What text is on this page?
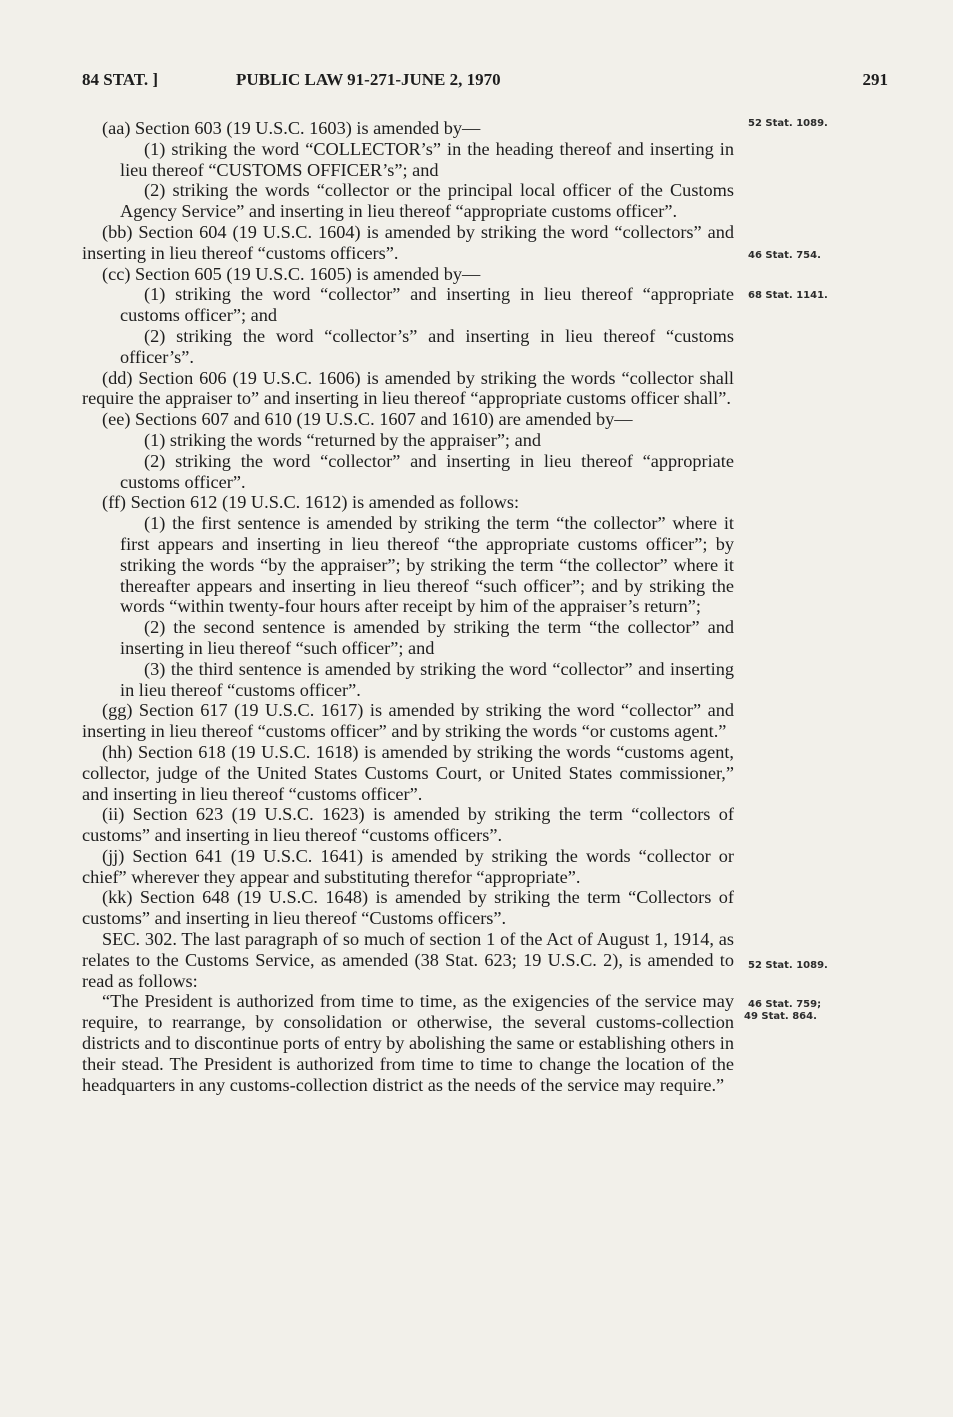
84 STAT. ]	PUBLIC LAW 91-271-JUNE 2, 1970	291

(aa) Section 603 (19 U.S.C. 1603) is amended by—

(1) striking the word “COLLECTOR’s” in the heading thereof and inserting in lieu thereof “CUSTOMS OFFICER’s”; and

(2) striking the words “collector or the principal local officer of the Customs Agency Service” and inserting in lieu thereof “appropriate customs officer”.

(bb) Section 604 (19 U.S.C. 1604) is amended by striking the word “collectors” and inserting in lieu thereof “customs officers”.

(cc) Section 605 (19 U.S.C. 1605) is amended by—

(1) striking the word “collector” and inserting in lieu thereof “appropriate customs officer”; and

(2) striking the word “collector’s” and inserting in lieu thereof “customs officer’s”.

(dd) Section 606 (19 U.S.C. 1606) is amended by striking the words “collector shall require the appraiser to” and inserting in lieu thereof “appropriate customs officer shall”.

(ee) Sections 607 and 610 (19 U.S.C. 1607 and 1610) are amended by—

(1) striking the words “returned by the appraiser”; and

(2) striking the word “collector” and inserting in lieu thereof “appropriate customs officer”.

(ff) Section 612 (19 U.S.C. 1612) is amended as follows:

(1) the first sentence is amended by striking the term “the collector” where it first appears and inserting in lieu thereof “the appropriate customs officer”; by striking the words “by the appraiser”; by striking the term “the collector” where it thereafter appears and inserting in lieu thereof “such officer”; and by striking the words “within twenty-four hours after receipt by him of the appraiser’s return”;

(2) the second sentence is amended by striking the term “the collector” and inserting in lieu thereof “such officer”; and

(3) the third sentence is amended by striking the word “collector” and inserting in lieu thereof “customs officer”.

(gg) Section 617 (19 U.S.C. 1617) is amended by striking the word “collector” and inserting in lieu thereof “customs officer” and by striking the words “or customs agent.”

(hh) Section 618 (19 U.S.C. 1618) is amended by striking the words “customs agent, collector, judge of the United States Customs Court, or United States commissioner,” and inserting in lieu thereof “customs officer”.

(ii) Section 623 (19 U.S.C. 1623) is amended by striking the term “collectors of customs” and inserting in lieu thereof “customs officers”.

(jj) Section 641 (19 U.S.C. 1641) is amended by striking the words “collector or chief” wherever they appear and substituting therefor “appropriate”.

(kk) Section 648 (19 U.S.C. 1648) is amended by striking the term “Collectors of customs” and inserting in lieu thereof “Customs officers”.

SEC. 302. The last paragraph of so much of section 1 of the Act of August 1, 1914, as relates to the Customs Service, as amended (38 Stat. 623; 19 U.S.C. 2), is amended to read as follows:

“The President is authorized from time to time, as the exigencies of the service may require, to rearrange, by consolidation or otherwise, the several customs-collection districts and to discontinue ports of entry by abolishing the same or establishing others in their stead. The President is authorized from time to time to change the location of the headquarters in any customs-collection district as the needs of the service may require.”

52 Stat. 1089.
46 Stat. 754.
68 Stat. 1141.
52 Stat. 1089.
46 Stat. 759;
49 Stat. 864.
